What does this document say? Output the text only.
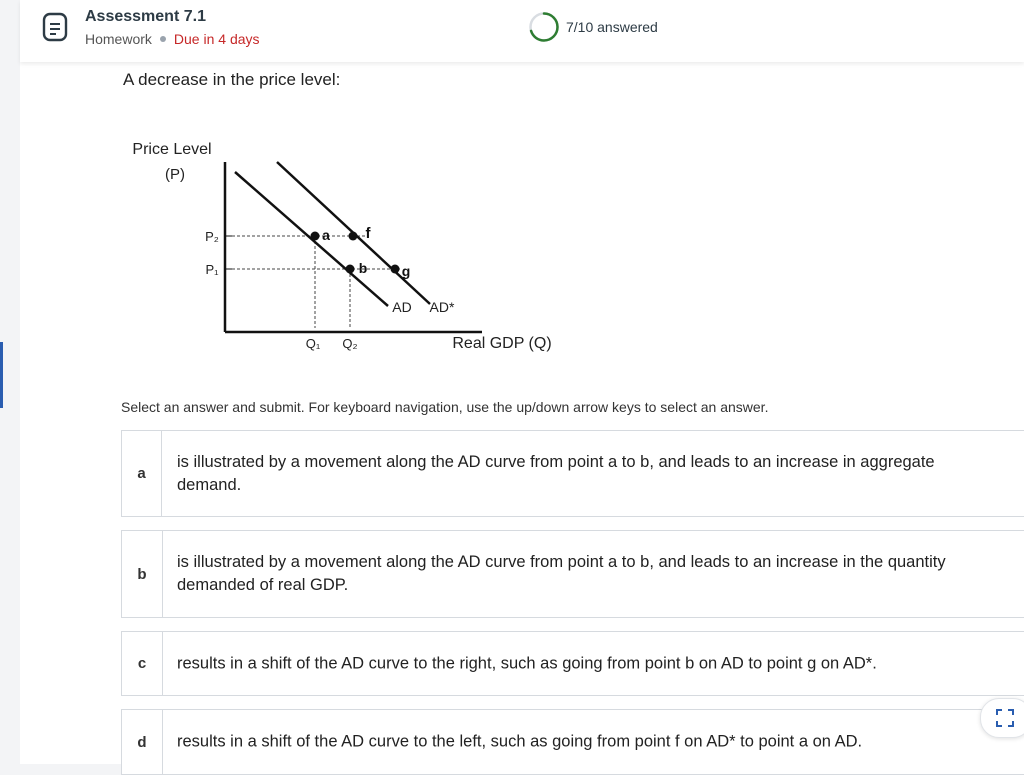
Assessment 7.1
Homework Due in 4 days
7/10 answered
A decrease in the price level:
Price Level
(P)
Real GDP (Q)
a f
b g
P₂
P₁
Q₁ Q₂
AD AD*
Select an answer and submit. For keyboard navigation, use the up/down arrow keys to select an answer.
a
is illustrated by a movement along the AD curve from point a to b, and leads to an increase in aggregate demand.
b
is illustrated by a movement along the AD curve from point a to b, and leads to an increase in the quantity demanded of real GDP.
c	results in a shift of the AD curve to the right, such as going from point b on AD to point g on AD*.
d	results in a shift of the AD curve to the left, such as going from point f on AD* to point a on AD.
